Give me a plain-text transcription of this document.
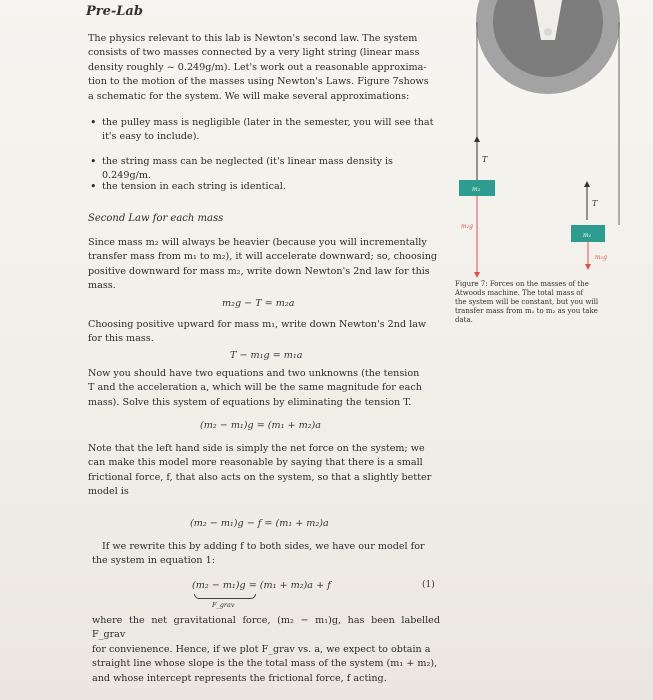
Pre-Lab
The physics relevant to this lab is Newton's second law. The system
consists of two masses connected by a very light string (linear mass
density roughly ~ 0.249g/m). Let's work out a reasonable approxima-
tion to the motion of the masses using Newton's Laws. Figure 7shows
a schematic for the system. We will make several approximations:
• the pulley mass is negligible (later in the semester, you will see that
it's easy to include).
• the string mass can be neglected (it's linear mass density is 0.249g/m.
• the tension in each string is identical.
Second Law for each mass
Since mass m₂ will always be heavier (because you will incrementally
transfer mass from m₁ to m₂), it will accelerate downward; so, choosing
positive downward for mass m₂, write down Newton's 2nd law for this
mass.
m₂g − T = m₂a
Choosing positive upward for mass m₁, write down Newton's 2nd law
for this mass.
T − m₁g = m₁a
Now you should have two equations and two unknowns (the tension
T and the acceleration a, which will be the same magnitude for each
mass). Solve this system of equations by eliminating the tension T.
(m₂ − m₁)g = (m₁ + m₂)a
Note that the left hand side is simply the net force on the system; we
can make this model more reasonable by saying that there is a small
frictional force, f, that also acts on the system, so that a slightly better
model is
(m₂ − m₁)g − f = (m₁ + m₂)a
If we rewrite this by adding f to both sides, we have our model for
the system in equation 1:
(m₂ − m₁)g = (m₁ + m₂)a + f
F_grav
(1)
where the net gravitational force, (m₂ − m₁)g, has been labelled F_grav
for convienence. Hence, if we plot F_grav vs. a, we expect to obtain a
straight line whose slope is the the total mass of the system (m₁ + m₂),
and whose intercept represents the frictional force, f acting.
T
T
m₂
m₁
m₂g
m₁g
Figure 7: Forces on the masses of the
Atwoods machine. The total mass of
the system will be constant, but you will
transfer mass from m₁ to m₂ as you take
data.
